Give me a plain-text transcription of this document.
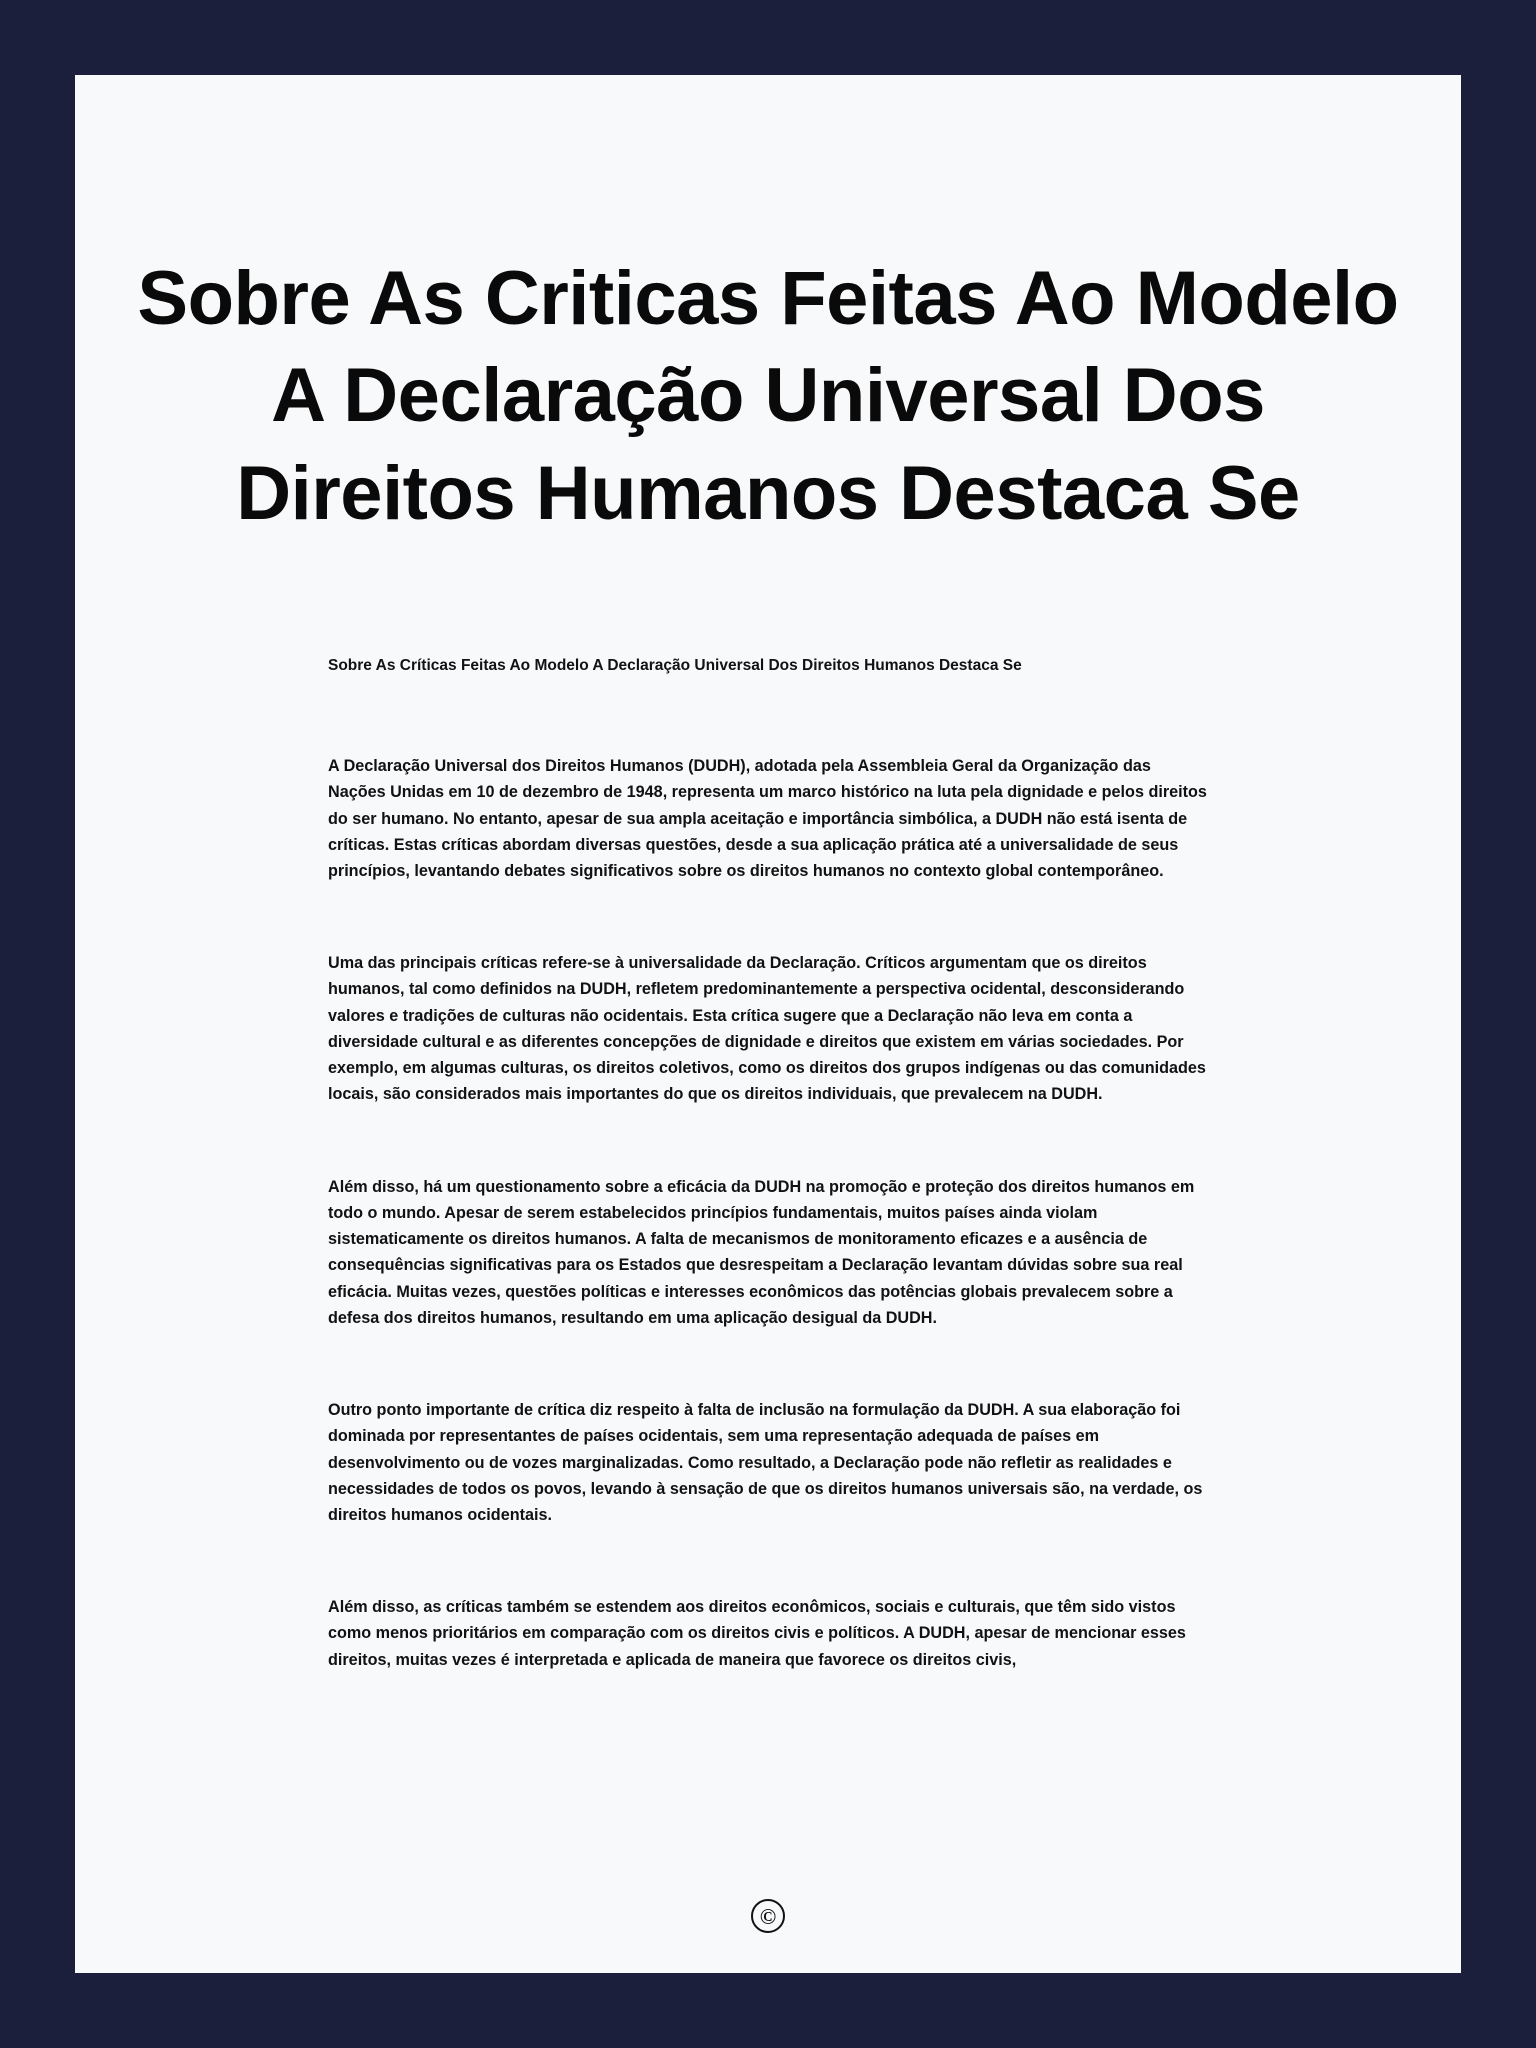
Sobre As Criticas Feitas Ao Modelo A Declaração Universal Dos Direitos Humanos Destaca Se

Sobre As Críticas Feitas Ao Modelo A Declaração Universal Dos Direitos Humanos Destaca Se

A Declaração Universal dos Direitos Humanos (DUDH), adotada pela Assembleia Geral da Organização das Nações Unidas em 10 de dezembro de 1948, representa um marco histórico na luta pela dignidade e pelos direitos do ser humano. No entanto, apesar de sua ampla aceitação e importância simbólica, a DUDH não está isenta de críticas. Estas críticas abordam diversas questões, desde a sua aplicação prática até a universalidade de seus princípios, levantando debates significativos sobre os direitos humanos no contexto global contemporâneo.

Uma das principais críticas refere-se à universalidade da Declaração. Críticos argumentam que os direitos humanos, tal como definidos na DUDH, refletem predominantemente a perspectiva ocidental, desconsiderando valores e tradições de culturas não ocidentais. Esta crítica sugere que a Declaração não leva em conta a diversidade cultural e as diferentes concepções de dignidade e direitos que existem em várias sociedades. Por exemplo, em algumas culturas, os direitos coletivos, como os direitos dos grupos indígenas ou das comunidades locais, são considerados mais importantes do que os direitos individuais, que prevalecem na DUDH.

Além disso, há um questionamento sobre a eficácia da DUDH na promoção e proteção dos direitos humanos em todo o mundo. Apesar de serem estabelecidos princípios fundamentais, muitos países ainda violam sistematicamente os direitos humanos. A falta de mecanismos de monitoramento eficazes e a ausência de consequências significativas para os Estados que desrespeitam a Declaração levantam dúvidas sobre sua real eficácia. Muitas vezes, questões políticas e interesses econômicos das potências globais prevalecem sobre a defesa dos direitos humanos, resultando em uma aplicação desigual da DUDH.

Outro ponto importante de crítica diz respeito à falta de inclusão na formulação da DUDH. A sua elaboração foi dominada por representantes de países ocidentais, sem uma representação adequada de países em desenvolvimento ou de vozes marginalizadas. Como resultado, a Declaração pode não refletir as realidades e necessidades de todos os povos, levando à sensação de que os direitos humanos universais são, na verdade, os direitos humanos ocidentais.

Além disso, as críticas também se estendem aos direitos econômicos, sociais e culturais, que têm sido vistos como menos prioritários em comparação com os direitos civis e políticos. A DUDH, apesar de mencionar esses direitos, muitas vezes é interpretada e aplicada de maneira que favorece os direitos civis,

©
